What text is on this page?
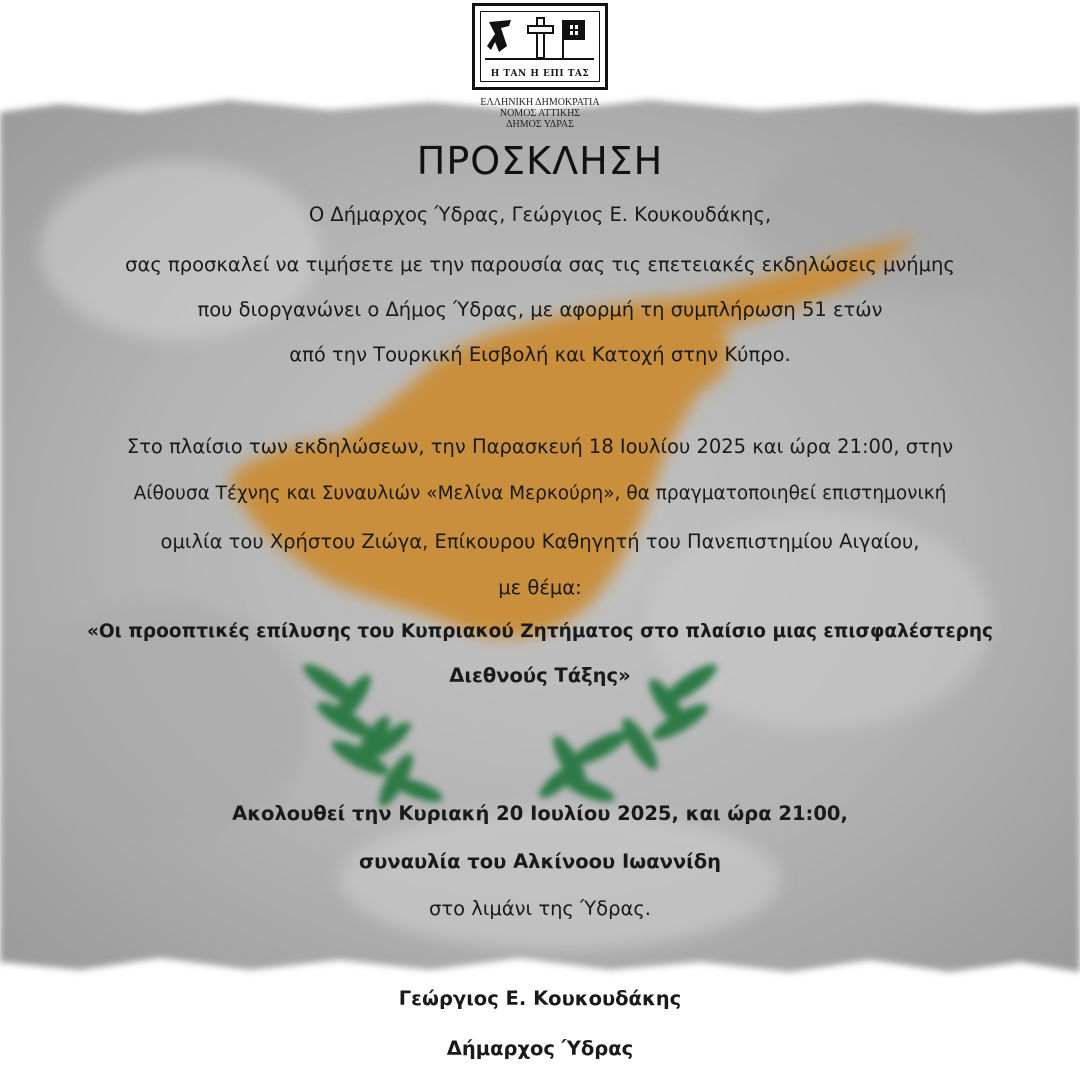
Η ΤΑΝ Η ΕΠΙ ΤΑΣ
ΕΛΛΗΝΙΚΗ ΔΗΜΟΚΡΑΤΙΑ
ΝΟΜΟΣ ΑΤΤΙΚΗΣ
ΔΗΜΟΣ ΥΔΡΑΣ
ΠΡΟΣΚΛΗΣΗ
Ο Δήμαρχος Ύδρας, Γεώργιος Ε. Κουκουδάκης,
σας προσκαλεί να τιμήσετε με την παρουσία σας τις επετειακές εκδηλώσεις μνήμης
που διοργανώνει ο Δήμος Ύδρας, με αφορμή τη συμπλήρωση 51 ετών
από την Τουρκική Εισβολή και Κατοχή στην Κύπρο.
Στο πλαίσιο των εκδηλώσεων, την Παρασκευή 18 Ιουλίου 2025 και ώρα 21:00, στην
Αίθουσα Τέχνης και Συναυλιών «Μελίνα Μερκούρη», θα πραγματοποιηθεί επιστημονική
ομιλία του Χρήστου Ζιώγα, Επίκουρου Καθηγητή του Πανεπιστημίου Αιγαίου,
με θέμα:
«Οι προοπτικές επίλυσης του Κυπριακού Ζητήματος στο πλαίσιο μιας επισφαλέστερης
Διεθνούς Τάξης»
Ακολουθεί την Κυριακή 20 Ιουλίου 2025, και ώρα 21:00,
συναυλία του Αλκίνοου Ιωαννίδη
στο λιμάνι της Ύδρας.
Γεώργιος Ε. Κουκουδάκης
Δήμαρχος Ύδρας
